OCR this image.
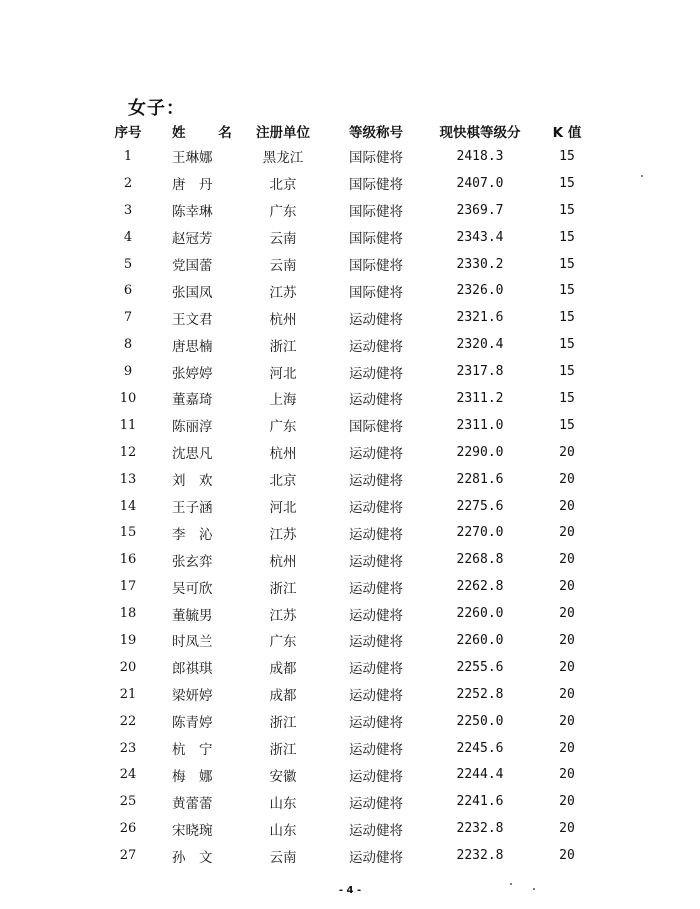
女子：
序号	姓 名	注册单位	等级称号	现快棋等级分	K 值
1	王琳娜	黑龙江	国际健将	2418.3	15
2	唐　丹	北京	国际健将	2407.0	15
3	陈幸琳	广东	国际健将	2369.7	15
4	赵冠芳	云南	国际健将	2343.4	15
5	党国蕾	云南	国际健将	2330.2	15
6	张国凤	江苏	国际健将	2326.0	15
7	王文君	杭州	运动健将	2321.6	15
8	唐思楠	浙江	运动健将	2320.4	15
9	张婷婷	河北	运动健将	2317.8	15
10	董嘉琦	上海	运动健将	2311.2	15
11	陈丽淳	广东	国际健将	2311.0	15
12	沈思凡	杭州	运动健将	2290.0	20
13	刘　欢	北京	运动健将	2281.6	20
14	王子涵	河北	运动健将	2275.6	20
15	李　沁	江苏	运动健将	2270.0	20
16	张玄弈	杭州	运动健将	2268.8	20
17	吴可欣	浙江	运动健将	2262.8	20
18	董毓男	江苏	运动健将	2260.0	20
19	时凤兰	广东	运动健将	2260.0	20
20	郎祺琪	成都	运动健将	2255.6	20
21	梁妍婷	成都	运动健将	2252.8	20
22	陈青婷	浙江	运动健将	2250.0	20
23	杭　宁	浙江	运动健将	2245.6	20
24	梅　娜	安徽	运动健将	2244.4	20
25	黄蕾蕾	山东	运动健将	2241.6	20
26	宋晓琬	山东	运动健将	2232.8	20
27	孙　文	云南	运动健将	2232.8	20
- 4 -
